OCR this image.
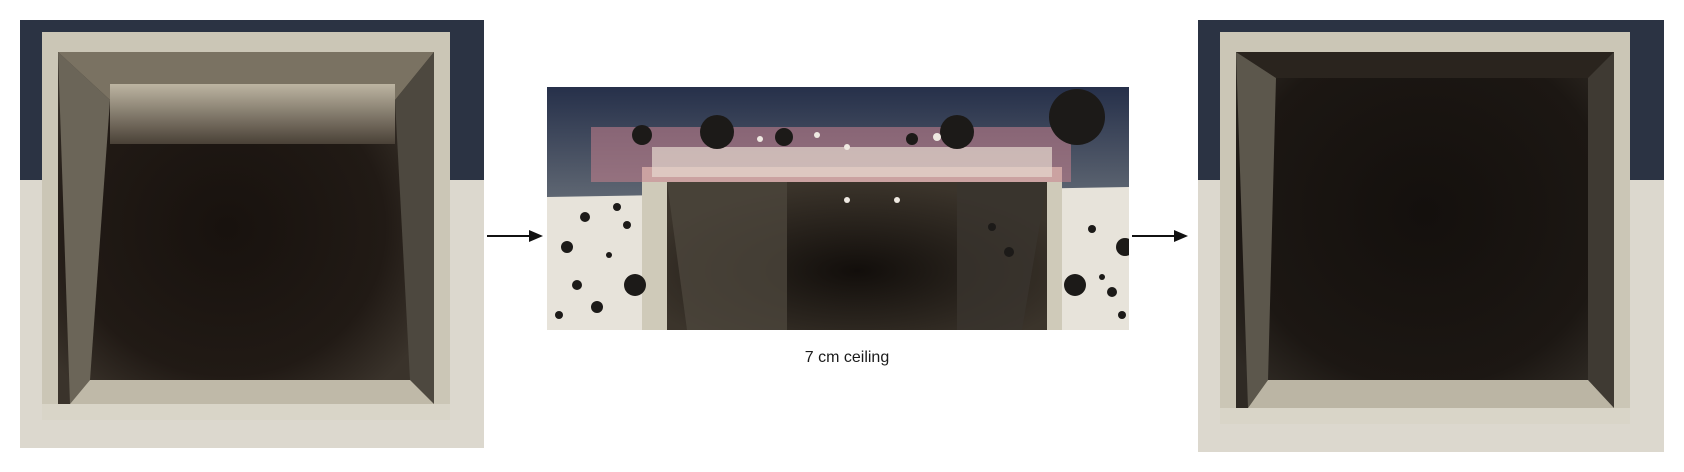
7 cm ceiling
